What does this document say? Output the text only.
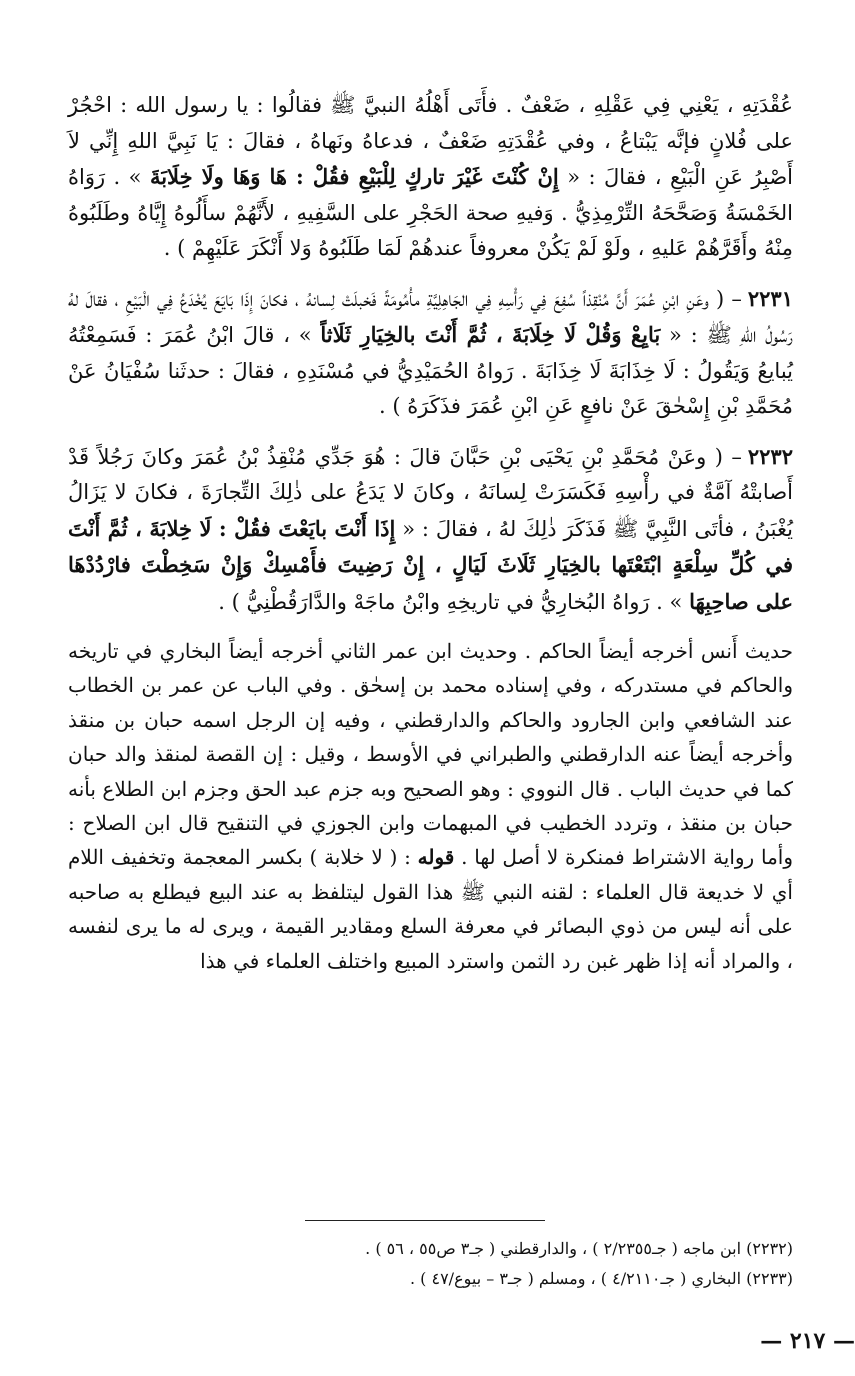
عُقْدَتِهِ ، يَعْنِي فِي عَقْلِهِ ، ضَعْفٌ . فأَتَى أَهْلُهُ النبيَّ ﷺ فقالُوا : يا رسول الله : احْجُرْ على فُلانٍ فإنَّه يَبْتاعُ ، وفي عُقْدَتِهِ ضَعْفٌ ، فدعاهُ ونَهاهُ ، فقالَ : يَا نَبِيَّ اللهِ إِنِّي لاَ أَصْبِرُ عَنِ الْبَيْعِ ، فقالَ : « إِنْ كُنْتَ غَيْرَ تاركٍ لِلْبَيْعِ فقُلْ : هَا وَهَا ولَا خِلَابَةَ » . رَوَاهُ الخَمْسَةُ وَصَحَّحَهُ التِّرْمِذِيُّ . وَفيهِ صحة الحَجْرِ على السَّفِيهِ ، لأَنَّهُمْ سأَلُوهُ إِيَّاهُ وطَلَبُوهُ مِنْهُ وأَقَرَّهُمْ عَليهِ ، ولَوْ لَمْ يَكُنْ معروفاً عندهُمْ لَمَا طَلَبُوهُ وَلا أَنْكَرَ عَلَيْهِمْ ) .

٢٢٣١– ( وعَنِ ابْنِ عُمَرَ أَنَّ مُنْقِذاً سُفِعَ فِي رَأْسِهِ فِي الجَاهِلِيَّةِ مأْمُومَةً فَخبلَتْ لِسانهُ ، فكانَ إِذَا بَايَعَ يُخْدَعُ فِي الْبَيْعِ ، فقالَ لهُ رَسُولُ اللهِ ﷺ : « بَايِعْ وَقُلْ لَا خِلَابَةَ ، ثُمَّ أَنْتَ بالخِيَارِ ثَلَاثاً » ، قالَ ابْنُ عُمَرَ : فَسَمِعْتُهُ يُبايعُ وَيَقُولُ : لَا خِذَابَةَ لَا خِذَابَةَ . رَواهُ الحُمَيْدِيُّ في مُسْنَدِهِ ، فقالَ : حدثَنا سُفْيَانُ عَنْ مُحَمَّدِ بْنِ إِسْحٰقَ عَنْ نافعٍ عَنِ ابْنِ عُمَرَ فذَكَرَهُ ) .

٢٢٣٢– ( وعَنْ مُحَمَّدِ بْنِ يَحْيَى بْنِ حَبَّانَ قالَ : هُوَ جَدِّي مُنْقِذُ بْنُ عُمَرَ وكانَ رَجُلاً قَدْ أَصابتْهُ آمَّةٌ في رأْسِهِ فَكَسَرَتْ لِسانَهُ ، وكانَ لا يَدَعُ على ذٰلِكَ التِّجارَةَ ، فكانَ لا يَزَالُ يُغْبَنُ ، فأتَى النَّبِيَّ ﷺ فَذَكَرَ ذٰلِكَ لهُ ، فقالَ : « إِذَا أَنْتَ بايَعْتَ فقُلْ : لَا خِلابَةَ ، ثُمَّ أَنْتَ في كُلِّ سِلْعَةٍ ابْتَعْتَها بالخِيَارِ ثَلَاثَ لَيَالٍ ، إِنْ رَضِيتَ فأَمْسِكْ وَإِنْ سَخِطْتَ فارْدُدْهَا على صاحِبِهَا » . رَواهُ البُخارِيُّ في تاريخِهِ وابْنُ ماجَهْ والدَّارَقُطْنِيُّ ) .

حديث أَنس أخرجه أيضاً الحاكم . وحديث ابن عمر الثاني أخرجه أيضاً البخاري في تاريخه والحاكم في مستدركه ، وفي إسناده محمد بن إسحٰق . وفي الباب عن عمر بن الخطاب عند الشافعي وابن الجارود والحاكم والدارقطني ، وفيه إن الرجل اسمه حبان بن منقذ وأخرجه أيضاً عنه الدارقطني والطبراني في الأوسط ، وقيل : إن القصة لمنقذ والد حبان كما في حديث الباب . قال النووي : وهو الصحيح وبه جزم عبد الحق وجزم ابن الطلاع بأنه حبان بن منقذ ، وتردد الخطيب في المبهمات وابن الجوزي في التنقيح قال ابن الصلاح : وأما رواية الاشتراط فمنكرة لا أصل لها . قوله : ( لا خلابة ) بكسر المعجمة وتخفيف اللام أي لا خديعة قال العلماء : لقنه النبي ﷺ هذا القول ليتلفظ به عند البيع فيطلع به صاحبه على أنه ليس من ذوي البصائر في معرفة السلع ومقادير القيمة ، ويرى له ما يرى لنفسه ، والمراد أنه إذا ظهر غبن رد الثمن واسترد المبيع واختلف العلماء في هذا

(٢٢٣٢) ابن ماجه ( جـ٢/٢٣٥٥ ) ، والدارقطني ( جـ٣ ص٥٥ ، ٥٦ ) .

(٢٢٣٣) البخاري ( جـ٤/٢١١٠ ) ، ومسلم ( جـ٣ – بيوع/٤٧ ) .

— ٢١٧ —
